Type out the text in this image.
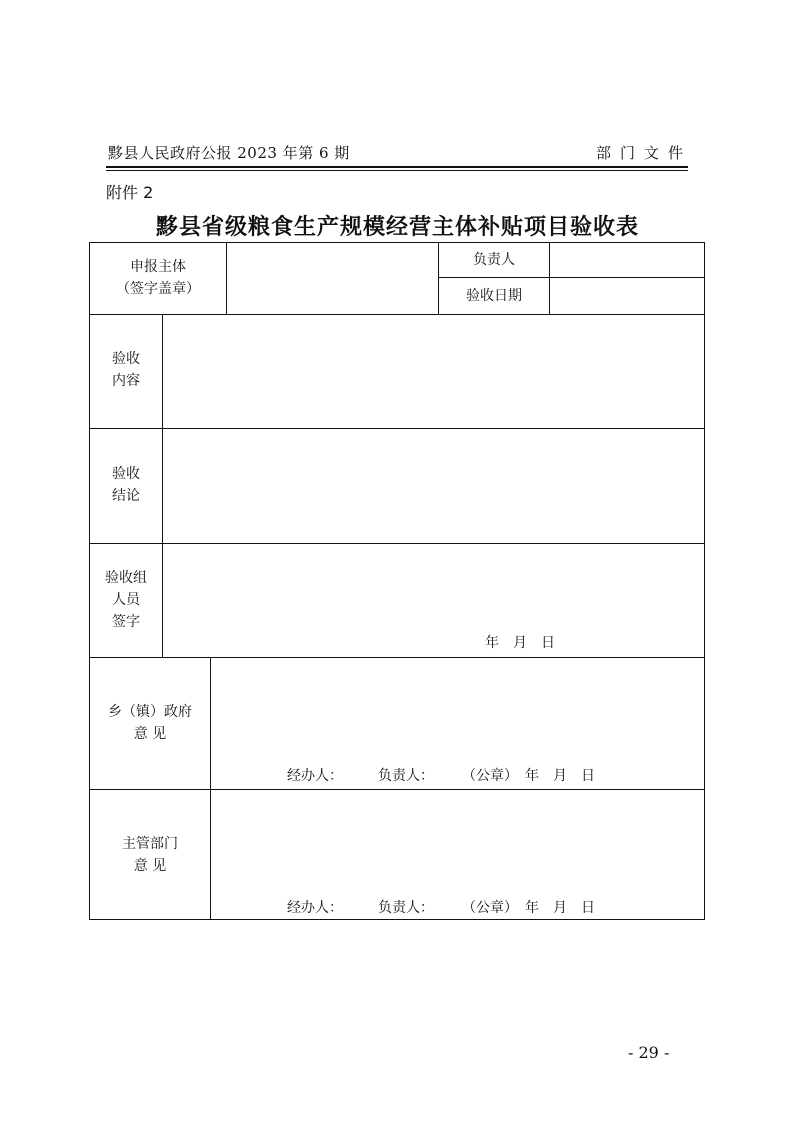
黟县人民政府公报 2023 年第 6 期	部门文件
附件 2
黟县省级粮食生产规模经营主体补贴项目验收表
申报主体
（签字盖章）
负责人
验收日期
验收
内容
验收
结论
验收组
人员
签字
年　月　日
乡（镇）政府
意 见
经办人：　　　负责人：　　　（公章）　年　月　日
主管部门
意 见
经办人：　　　负责人：　　　（公章）　年　月　日
- 29 -
